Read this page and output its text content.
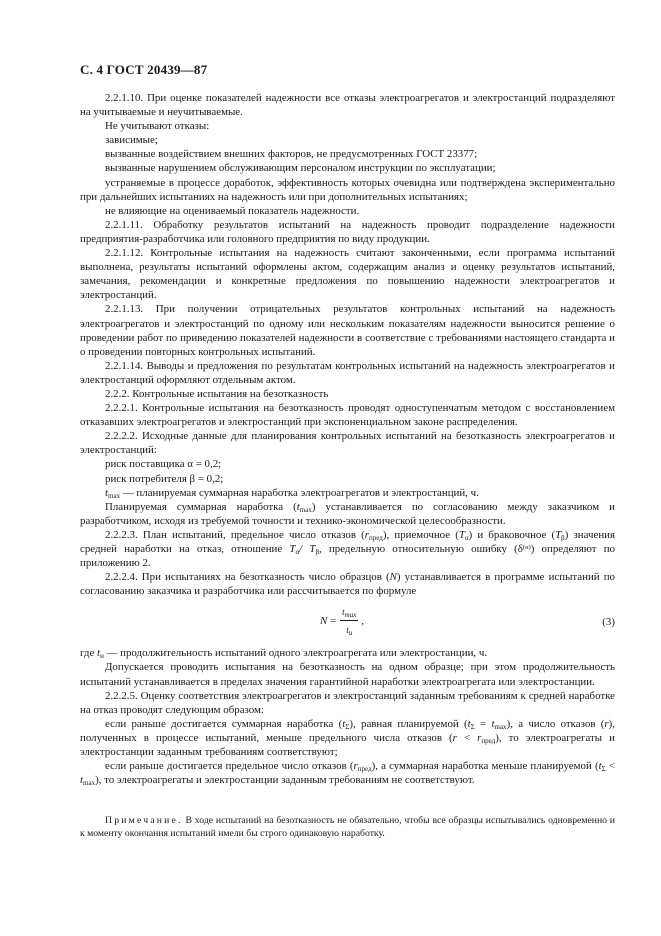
С. 4 ГОСТ 20439—87

2.2.1.10. При оценке показателей надежности все отказы электроагрегатов и электростанций подразделяют на учитываемые и неучитываемые.

Не учитывают отказы:

зависимые;

вызванные воздействием внешних факторов, не предусмотренных ГОСТ 23377;

вызванные нарушением обслуживающим персоналом инструкции по эксплуатации;

устраняемые в процессе доработок, эффективность которых очевидна или подтверждена экспериментально при дальнейших испытаниях на надежность или при дополнительных испытаниях;

не влияющие на оцениваемый показатель надежности.

2.2.1.11. Обработку результатов испытаний на надежность проводит подразделение надежности предприятия-разработчика или головного предприятия по виду продукции.

2.2.1.12. Контрольные испытания на надежность считают законченными, если программа испытаний выполнена, результаты испытаний оформлены актом, содержащим анализ и оценку результатов испытаний, замечания, рекомендации и конкретные предложения по повышению надежности электроагрегатов и электростанций.

2.2.1.13. При получении отрицательных результатов контрольных испытаний на надежность электроагрегатов и электростанций по одному или нескольким показателям надежности выносится решение о проведении работ по приведению показателей надежности в соответствие с требованиями настоящего стандарта и о проведении повторных контрольных испытаний.

2.2.1.14. Выводы и предложения по результатам контрольных испытаний на надежность электроагрегатов и электростанций оформляют отдельным актом.

2.2.2. Контрольные испытания на безотказность

2.2.2.1. Контрольные испытания на безотказность проводят одноступенчатым методом с восстановлением отказавших электроагрегатов и электростанций при экспоненциальном законе распределения.

2.2.2.2. Исходные данные для планирования контрольных испытаний на безотказность электроагрегатов и электростанций:

риск поставщика α = 0,2;

риск потребителя β = 0,2;

$t_{max}$ — планируемая суммарная наработка электроагрегатов и электростанций, ч.

Планируемая суммарная наработка $(t_{max})$ устанавливается по согласованию между заказчиком и разработчиком, исходя из требуемой точности и технико-экономической целесообразности.

2.2.2.3. План испытаний, предельное число отказов $(r_{пред})$, приемочное $(T_\alpha)$ и браковочное $(T_\beta)$ значения средней наработки на отказ, отношение $T_\alpha/$ $T_\beta$, предельную относительную ошибку $(\delta^{(н)})$ определяют по приложению 2.

2.2.2.4. При испытаниях на безотказность число образцов (N) устанавливается в программе испытаний по согласованию заказчика и разработчика или рассчитывается по формуле

N
= $\frac{t_{max}}{t_и}$ ,	(3)

где $t_и$ — продолжительность испытаний одного электроагрегата или электростанции, ч.

Допускается проводить испытания на безотказность на одном образце; при этом продолжительность испытаний устанавливается в пределах значения гарантийной наработки электроагрегата или электростанции.

2.2.2.5. Оценку соответствия электроагрегатов и электростанций заданным требованиям к средней наработке на отказ проводят следующим образом:

если раньше достигается суммарная наработка $(t_\Sigma)$, равная планируемой $(t_\Sigma = t_{max})$, а число отказов (r), полученных в процессе испытаний, меньше предельного числа отказов $(r < r_{пред})$, то электроагрегаты и электростанции заданным требованиям соответствуют;

если раньше достигается предельное число отказов $(r_{пред})$, а суммарная наработка меньше планируемой $(t_\Sigma < t_{max})$, то электроагрегаты и электростанции заданным требованиям не соответствуют.

Примечание. В ходе испытаний на безотказность не обязательно, чтобы все образцы испытывались одновременно и к моменту окончания испытаний имели бы строго одинаковую наработку.
